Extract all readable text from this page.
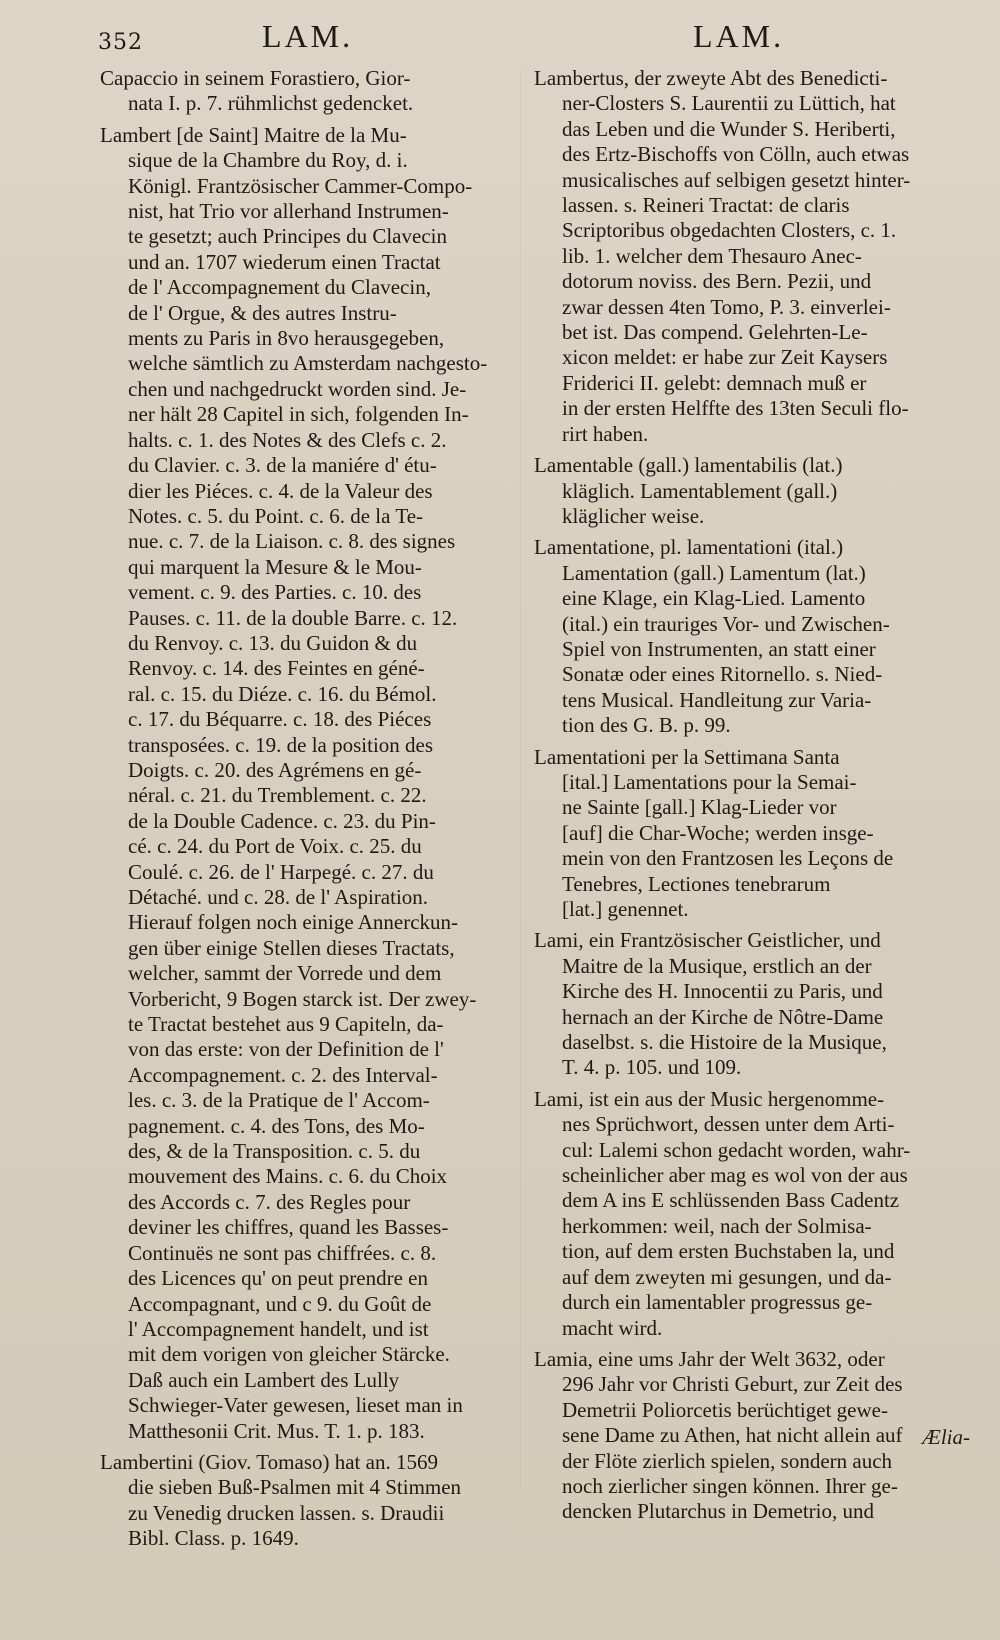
352	LAM.	LAM.
Capaccio in seinem Forastiero, Gior-
nata I. p. 7. rühmlichst gedencket.
Lambert [de Saint] Maitre de la Mu-
sique de la Chambre du Roy, d. i.
Königl. Frantzösischer Cammer-Compo-
nist, hat Trio vor allerhand Instrumen-
te gesetzt; auch Principes du Clavecin
und an. 1707 wiederum einen Tractat
de l' Accompagnement du Clavecin,
de l' Orgue, & des autres Instru-
ments zu Paris in 8vo herausgegeben,
welche sämtlich zu Amsterdam nachgesto-
chen und nachgedruckt worden sind. Je-
ner hält 28 Capitel in sich, folgenden In-
halts. c. 1. des Notes & des Clefs c. 2.
du Clavier. c. 3. de la maniére d' étu-
dier les Piéces. c. 4. de la Valeur des
Notes. c. 5. du Point. c. 6. de la Te-
nue. c. 7. de la Liaison. c. 8. des signes
qui marquent la Mesure & le Mou-
vement. c. 9. des Parties. c. 10. des
Pauses. c. 11. de la double Barre. c. 12.
du Renvoy. c. 13. du Guidon & du
Renvoy. c. 14. des Feintes en géné-
ral. c. 15. du Diéze. c. 16. du Bémol.
c. 17. du Béquarre. c. 18. des Piéces
transposées. c. 19. de la position des
Doigts. c. 20. des Agrémens en gé-
néral. c. 21. du Tremblement. c. 22.
de la Double Cadence. c. 23. du Pin-
cé. c. 24. du Port de Voix. c. 25. du
Coulé. c. 26. de l' Harpegé. c. 27. du
Détaché. und c. 28. de l' Aspiration.
Hierauf folgen noch einige Annerckun-
gen über einige Stellen dieses Tractats,
welcher, sammt der Vorrede und dem
Vorbericht, 9 Bogen starck ist. Der zwey-
te Tractat bestehet aus 9 Capiteln, da-
von das erste: von der Definition de l'
Accompagnement. c. 2. des Interval-
les. c. 3. de la Pratique de l' Accom-
pagnement. c. 4. des Tons, des Mo-
des, & de la Transposition. c. 5. du
mouvement des Mains. c. 6. du Choix
des Accords c. 7. des Regles pour
deviner les chiffres, quand les Basses-
Continuës ne sont pas chiffrées. c. 8.
des Licences qu' on peut prendre en
Accompagnant, und c 9. du Goût de
l' Accompagnement handelt, und ist
mit dem vorigen von gleicher Stärcke.
Daß auch ein Lambert des Lully
Schwieger-Vater gewesen, lieset man in
Matthesonii Crit. Mus. T. 1. p. 183.
Lambertini (Giov. Tomaso) hat an. 1569
die sieben Buß-Psalmen mit 4 Stimmen
zu Venedig drucken lassen. s. Draudii
Bibl. Class. p. 1649.
Lambertus, der zweyte Abt des Benedicti-
ner-Closters S. Laurentii zu Lüttich, hat
das Leben und die Wunder S. Heriberti,
des Ertz-Bischoffs von Cölln, auch etwas
musicalisches auf selbigen gesetzt hinter-
lassen. s. Reineri Tractat: de claris
Scriptoribus obgedachten Closters, c. 1.
lib. 1. welcher dem Thesauro Anec-
dotorum noviss. des Bern. Pezii, und
zwar dessen 4ten Tomo, P. 3. einverlei-
bet ist. Das compend. Gelehrten-Le-
xicon meldet: er habe zur Zeit Kaysers
Friderici II. gelebt: demnach muß er
in der ersten Helffte des 13ten Seculi flo-
rirt haben.
Lamentable (gall.) lamentabilis (lat.)
kläglich. Lamentablement (gall.)
kläglicher weise.
Lamentatione, pl. lamentationi (ital.)
Lamentation (gall.) Lamentum (lat.)
eine Klage, ein Klag-Lied. Lamento
(ital.) ein trauriges Vor- und Zwischen-
Spiel von Instrumenten, an statt einer
Sonatæ oder eines Ritornello. s. Nied-
tens Musical. Handleitung zur Varia-
tion des G. B. p. 99.
Lamentationi per la Settimana Santa
[ital.] Lamentations pour la Semai-
ne Sainte [gall.] Klag-Lieder vor
[auf] die Char-Woche; werden insge-
mein von den Frantzosen les Leçons de
Tenebres, Lectiones tenebrarum
[lat.] genennet.
Lami, ein Frantzösischer Geistlicher, und
Maitre de la Musique, erstlich an der
Kirche des H. Innocentii zu Paris, und
hernach an der Kirche de Nôtre-Dame
daselbst. s. die Histoire de la Musique,
T. 4. p. 105. und 109.
Lami, ist ein aus der Music hergenomme-
nes Sprüchwort, dessen unter dem Arti-
cul: Lalemi schon gedacht worden, wahr-
scheinlicher aber mag es wol von der aus
dem A ins E schlüssenden Bass Cadentz
herkommen: weil, nach der Solmisa-
tion, auf dem ersten Buchstaben la, und
auf dem zweyten mi gesungen, und da-
durch ein lamentabler progressus ge-
macht wird.
Lamia, eine ums Jahr der Welt 3632, oder
296 Jahr vor Christi Geburt, zur Zeit des
Demetrii Poliorcetis berüchtiget gewe-
sene Dame zu Athen, hat nicht allein auf
der Flöte zierlich spielen, sondern auch
noch zierlicher singen können. Ihrer ge-
dencken Plutarchus in Demetrio, und
Ælia-
